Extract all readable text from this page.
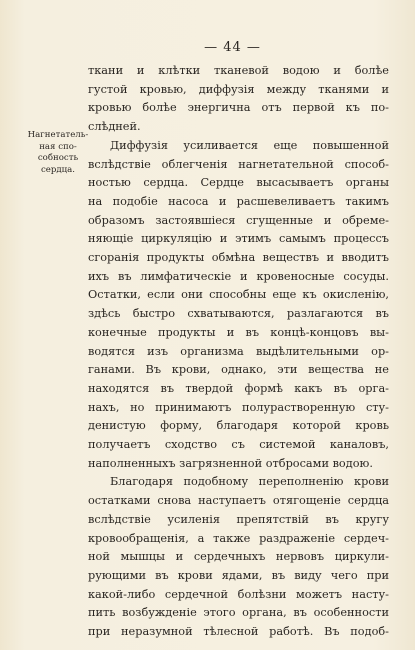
— 44 —
Нагнетатель-
ная спо-
собность
сердца.
ткани и клѣтки тканевой водою и болѣе
густой кровью, диффузія между тканями и
кровью болѣе энергична отъ первой къ по-
слѣдней.
Диффузія усиливается еще повышенной
вслѣдствіе облегченія нагнетательной способ-
ностью сердца. Сердце высасываетъ органы
на подобіе насоса и расшевеливаетъ такимъ
образомъ застоявшіеся сгущенные и обреме-
няющіе циркуляцію и этимъ самымъ процессъ
сгоранія продукты обмѣна веществъ и вводитъ
ихъ въ лимфатическіе и кровеносные сосуды.
Остатки, если они способны еще къ окисленію,
здѣсь быстро схватываются, разлагаются въ
конечные продукты и въ концѣ-концовъ вы-
водятся изъ организма выдѣлительными ор-
ганами. Въ крови, однако, эти вещества не
находятся въ твердой формѣ какъ въ орга-
нахъ, но принимаютъ полурастворенную сту-
денистую форму, благодаря которой кровь
получаетъ сходство съ системой каналовъ,
наполненныхъ загрязненной отбросами водою.
Благодаря подобному переполненію крови
остатками снова наступаетъ отягощеніе сердца
вслѣдствіе усиленія препятствій въ кругу
кровообращенія, а также раздраженіе сердеч-
ной мышцы и сердечныхъ нервовъ циркули-
рующими въ крови ядами, въ виду чего при
какой-либо сердечной болѣзни можетъ насту-
пить возбужденіе этого органа, въ особенности
при неразумной тѣлесной работѣ. Въ подоб-
